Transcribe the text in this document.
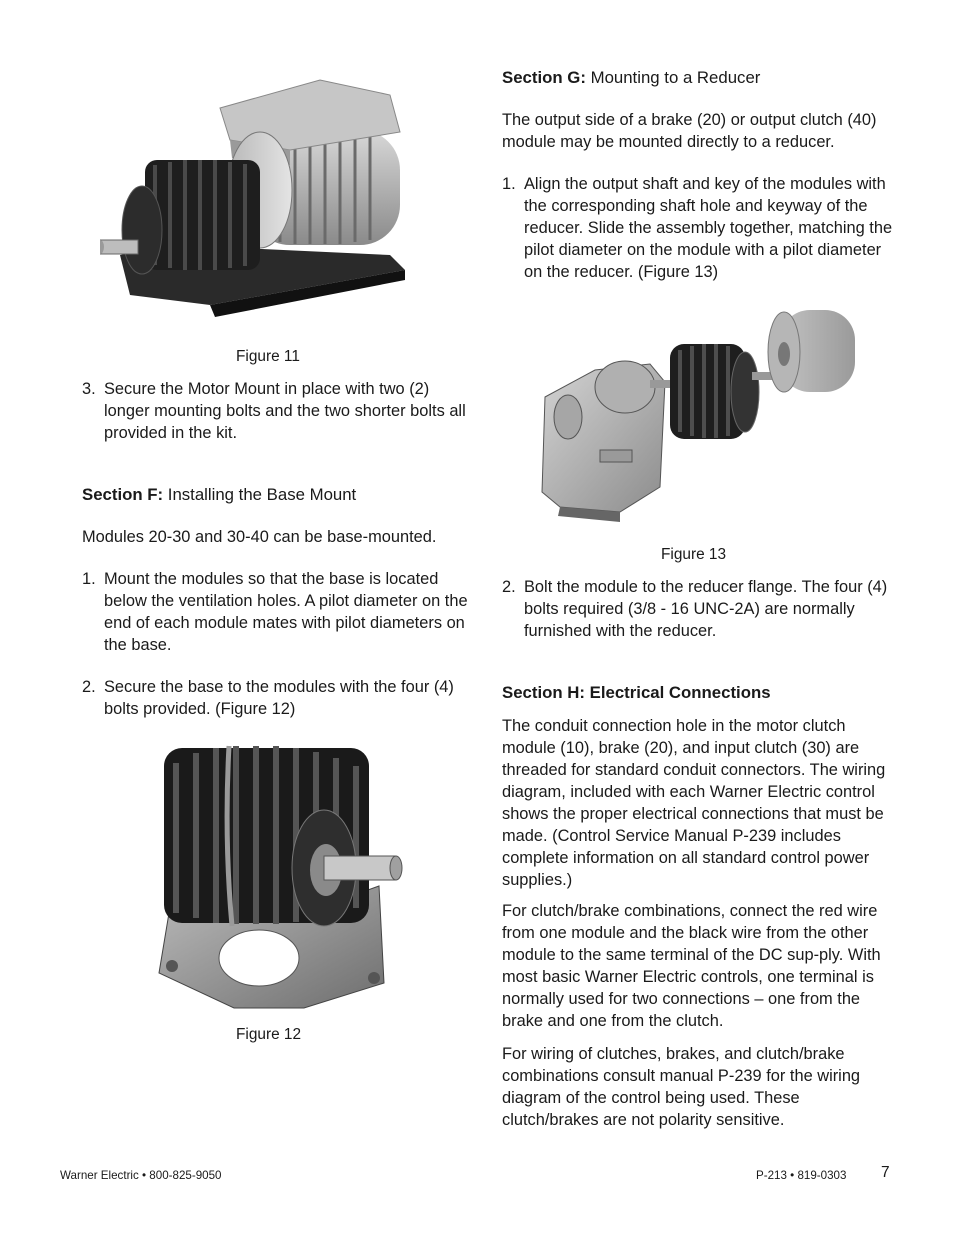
Figure 11
3. Secure the Motor Mount in place with two (2) longer mounting bolts and the two shorter bolts all provided in the kit.
Section F: Installing the Base Mount

Modules 20-30 and 30-40 can be base-mounted.

1. Mount the modules so that the base is located below the ventilation holes. A pilot diameter on the end of each module mates with pilot diameters on the base.
2. Secure the base to the modules with the four (4) bolts provided. (Figure 12)
Figure 12
Section G: Mounting to a Reducer

The output side of a brake (20) or output clutch (40) module may be mounted directly to a reducer.

1. Align the output shaft and key of the modules with the corresponding shaft hole and keyway of the reducer. Slide the assembly together, matching the pilot diameter on the module with a pilot diameter on the reducer. (Figure 13)
Figure 13
2. Bolt the module to the reducer flange. The four (4) bolts required (3/8 - 16 UNC-2A) are normally furnished with the reducer.
Section H: Electrical Connections

The conduit connection hole in the motor clutch module (10), brake (20), and input clutch (30) are threaded for standard conduit connectors. The wiring diagram, included with each Warner Electric control shows the proper electrical connections that must be made. (Control Service Manual P-239 includes complete information on all standard control power supplies.)

For clutch/brake combinations, connect the red wire from one module and the black wire from the other module to the same terminal of the DC sup-ply. With most basic Warner Electric controls, one terminal is normally used for two connections – one from the brake and one from the clutch.

For wiring of clutches, brakes, and clutch/brake combinations consult manual P-239 for the wiring diagram of the control being used. These clutch/brakes are not polarity sensitive.

Warner Electric • 800-825-9050	P-213 • 819-0303 7
